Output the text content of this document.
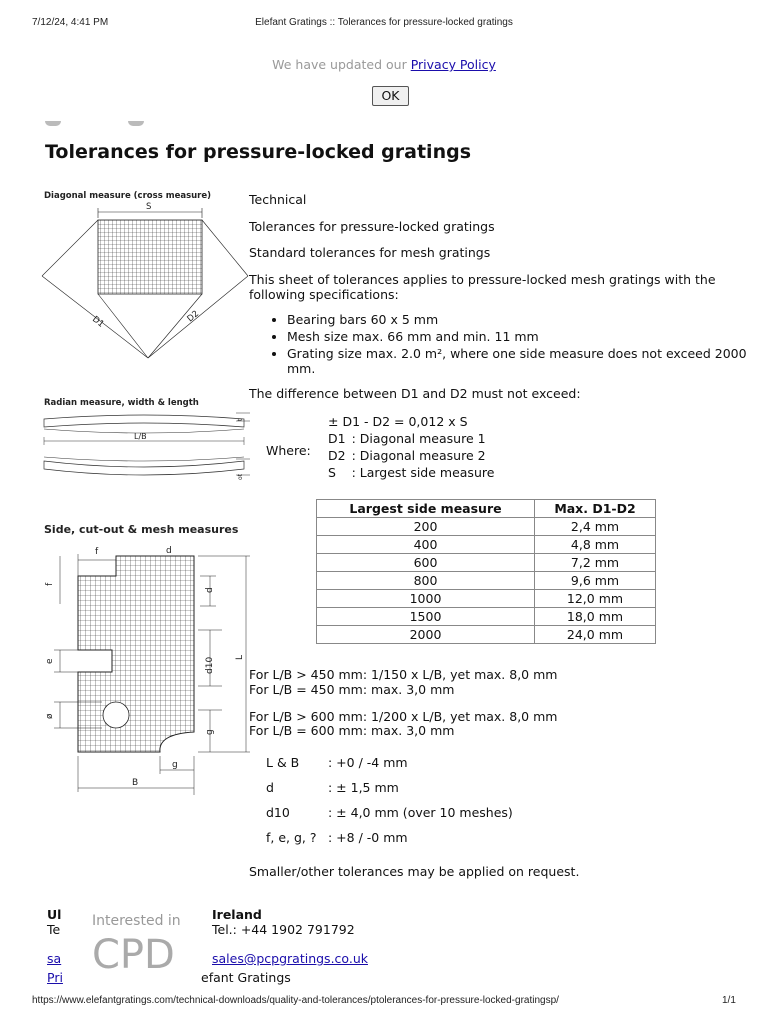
7/12/24, 4:41 PM	Elefant Gratings :: Tolerances for pressure-locked gratings
We have updated our Privacy Policy
OK
Tolerances for pressure-locked gratings
Diagonal measure (cross measure)
S
D1	D2
Radian measure, width & length
t
L/B
ot
Side, cut-out & mesh measures
f	d
f
d
d10 L
e
ø
g
g
B
Technical
Tolerances for pressure-locked gratings
Standard tolerances for mesh gratings
This sheet of tolerances applies to pressure-locked mesh gratings with the following specifications:
• Bearing bars 60 x 5 mm
• Mesh size max. 66 mm and min. 11 mm
• Grating size max. 2.0 m², where one side measure does not exceed 2000 mm.
The difference between D1 and D2 must not exceed:
Where:
± D1 - D2 = 0,012 x S	
D1	: Diagonal measure 1
D2	: Diagonal measure 2
S	: Largest side measure
Largest side measure	Max. D1-D2
200	2,4 mm
400	4,8 mm
600	7,2 mm
800	9,6 mm
1000	12,0 mm
1500	18,0 mm
2000	24,0 mm
For L/B > 450 mm: 1/150 x L/B, yet max. 8,0 mm
For L/B = 450 mm: max. 3,0 mm
For L/B > 600 mm: 1/200 x L/B, yet max. 8,0 mm
For L/B = 600 mm: max. 3,0 mm
L & B	: +0 / -4 mm
d	: ± 1,5 mm
d10	: ± 4,0 mm (over 10 meshes)
f, e, g, ?	: +8 / -0 mm
Smaller/other tolerances may be applied on request.
Ul
Te
sa
Pri
Ireland
Tel.: +44 1902 791792
sales@pcpgratings.co.uk
efant Gratings
Interested in
CPD
https://www.elefantgratings.com/technical-downloads/quality-and-tolerances/ptolerances-for-pressure-locked-gratingsp/	1/1
